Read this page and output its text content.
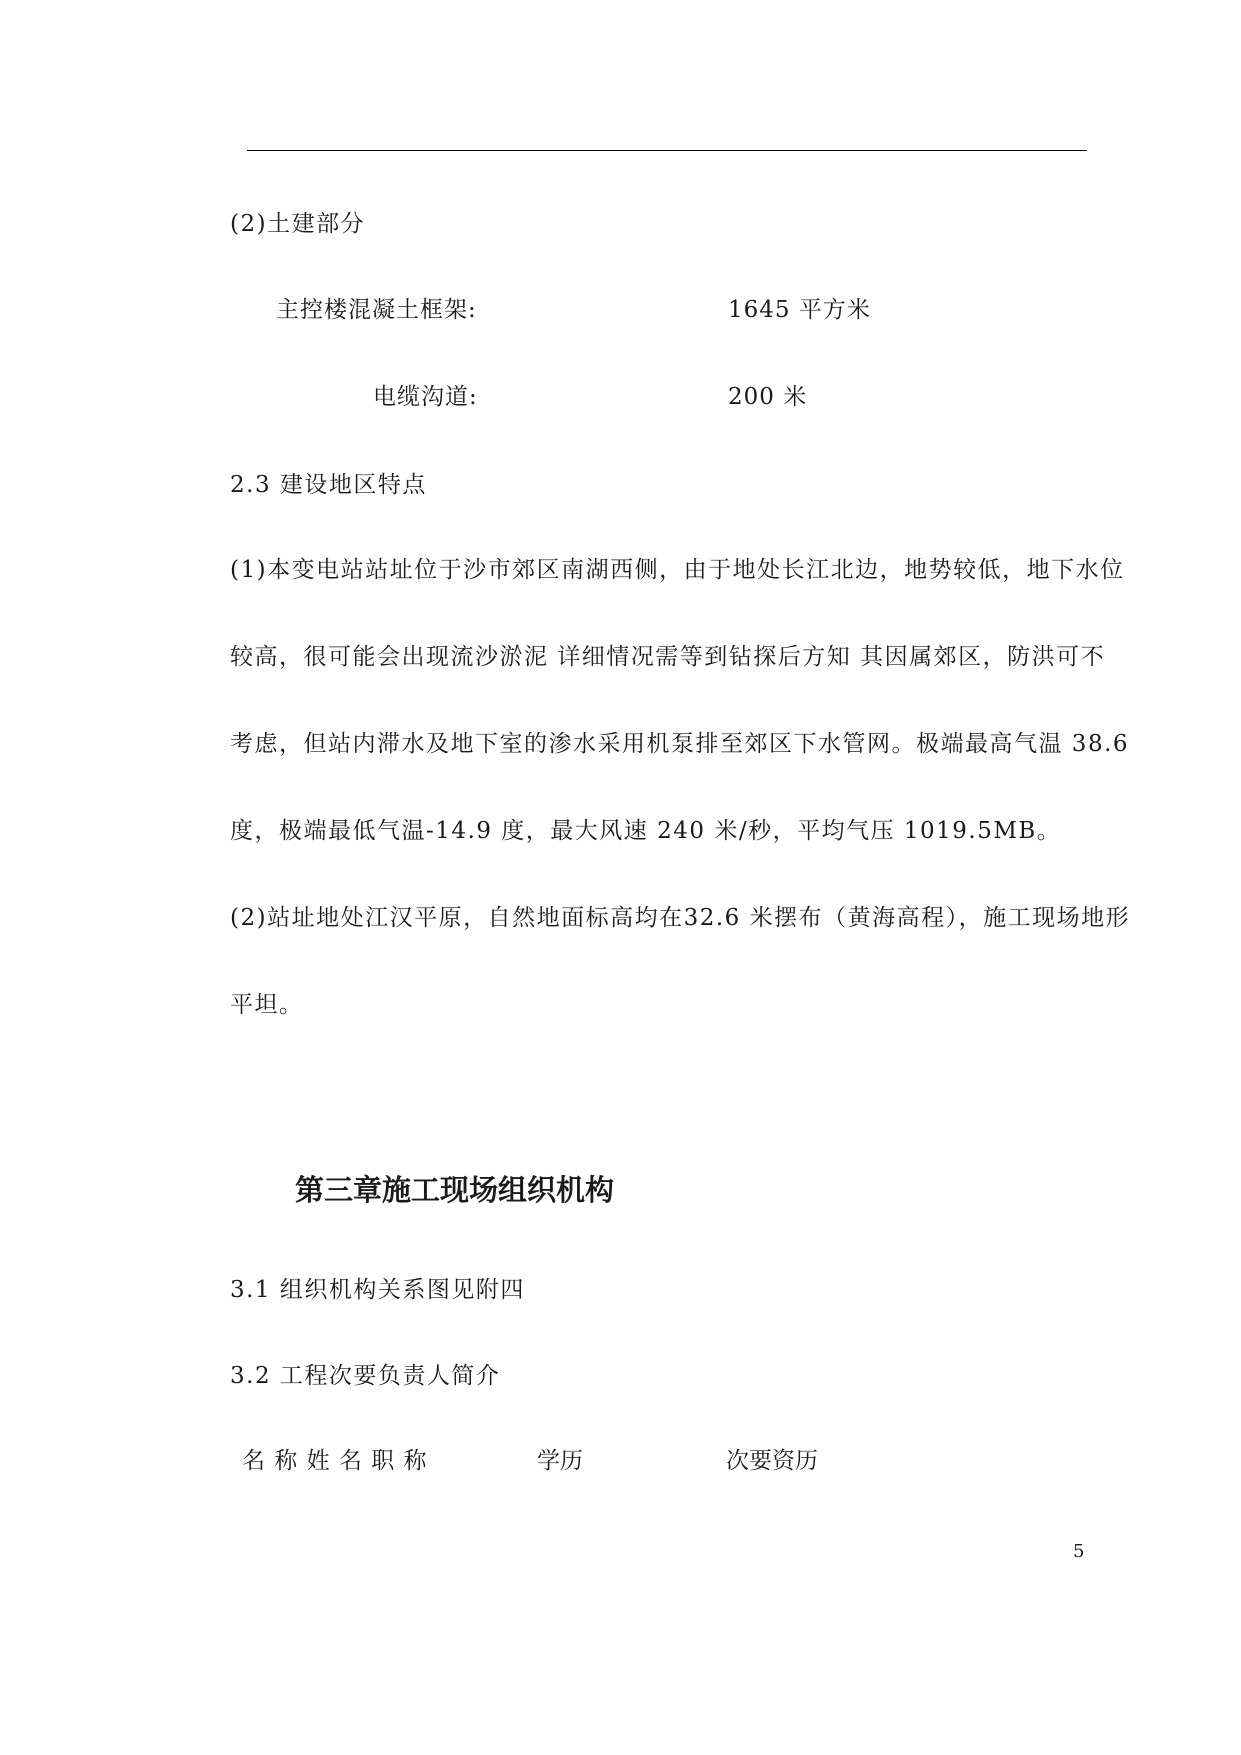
(2)土建部分
主控楼混凝土框架:	1645 平方米
电缆沟道:	200 米
2.3 建设地区特点
(1)本变电站站址位于沙市郊区南湖西侧，由于地处长江北边，地势较低，地下水位
较高，很可能会出现流沙淤泥 详细情况需等到钻探后方知 其因属郊区，防洪可不
考虑，但站内滞水及地下室的渗水采用机泵排至郊区下水管网。极端最高气温 38.6
度，极端最低气温-14.9 度，最大风速 240 米/秒，平均气压 1019.5MB。
(2)站址地处江汉平原，自然地面标高均在32.6 米摆布（黄海高程），施工现场地形
平坦。
第三章施工现场组织机构
3.1 组织机构关系图见附四
3.2 工程次要负责人简介
名 称 姓 名 职 称	学历	次要资历
5
